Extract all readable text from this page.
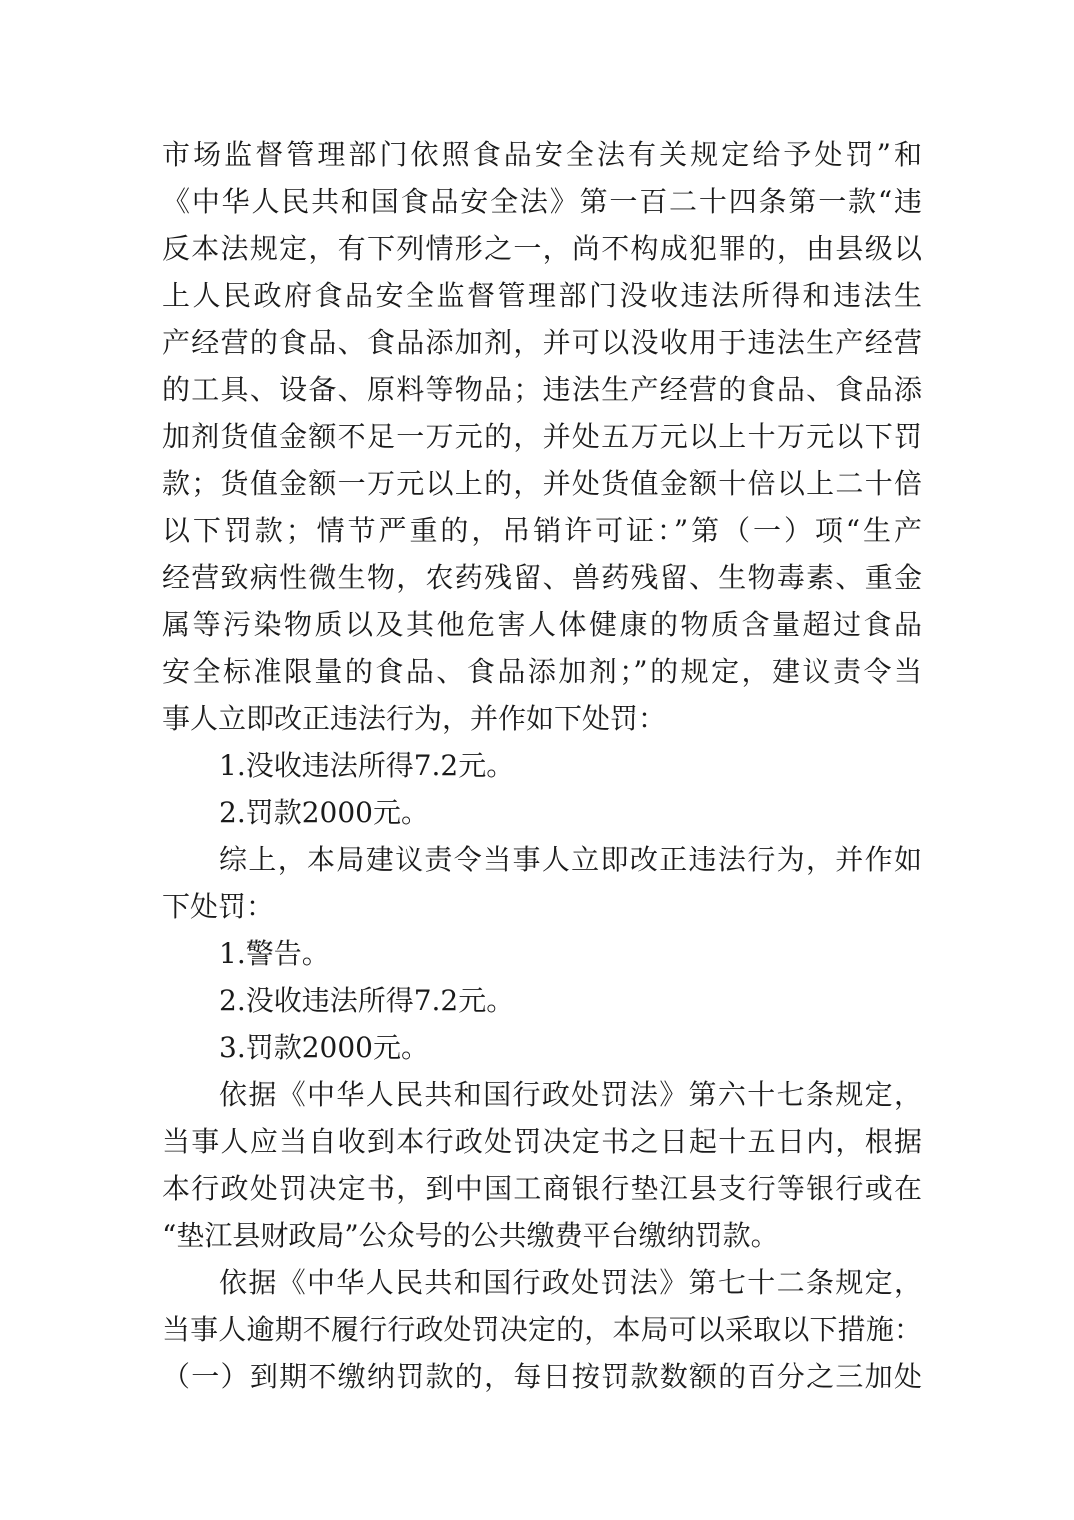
市场监督管理部门依照食品安全法有关规定给予处罚”和
《中华人民共和国食品安全法》第一百二十四条第一款“违
反本法规定，有下列情形之一，尚不构成犯罪的，由县级以
上人民政府食品安全监督管理部门没收违法所得和违法生
产经营的食品、食品添加剂，并可以没收用于违法生产经营
的工具、设备、原料等物品；违法生产经营的食品、食品添
加剂货值金额不足一万元的，并处五万元以上十万元以下罚
款；货值金额一万元以上的，并处货值金额十倍以上二十倍
以下罚款；情节严重的，吊销许可证：”第（一）项“生产
经营致病性微生物，农药残留、兽药残留、生物毒素、重金
属等污染物质以及其他危害人体健康的物质含量超过食品
安全标准限量的食品、食品添加剂；”的规定，建议责令当
事人立即改正违法行为，并作如下处罚：
1.没收违法所得7.2元。
2.罚款2000元。
综上，本局建议责令当事人立即改正违法行为，并作如
下处罚：
1.警告。
2.没收违法所得7.2元。
3.罚款2000元。
依据《中华人民共和国行政处罚法》第六十七条规定，
当事人应当自收到本行政处罚决定书之日起十五日内，根据
本行政处罚决定书，到中国工商银行垫江县支行等银行或在
“垫江县财政局”公众号的公共缴费平台缴纳罚款。
依据《中华人民共和国行政处罚法》第七十二条规定，
当事人逾期不履行行政处罚决定的，本局可以采取以下措施：
（一）到期不缴纳罚款的，每日按罚款数额的百分之三加处
